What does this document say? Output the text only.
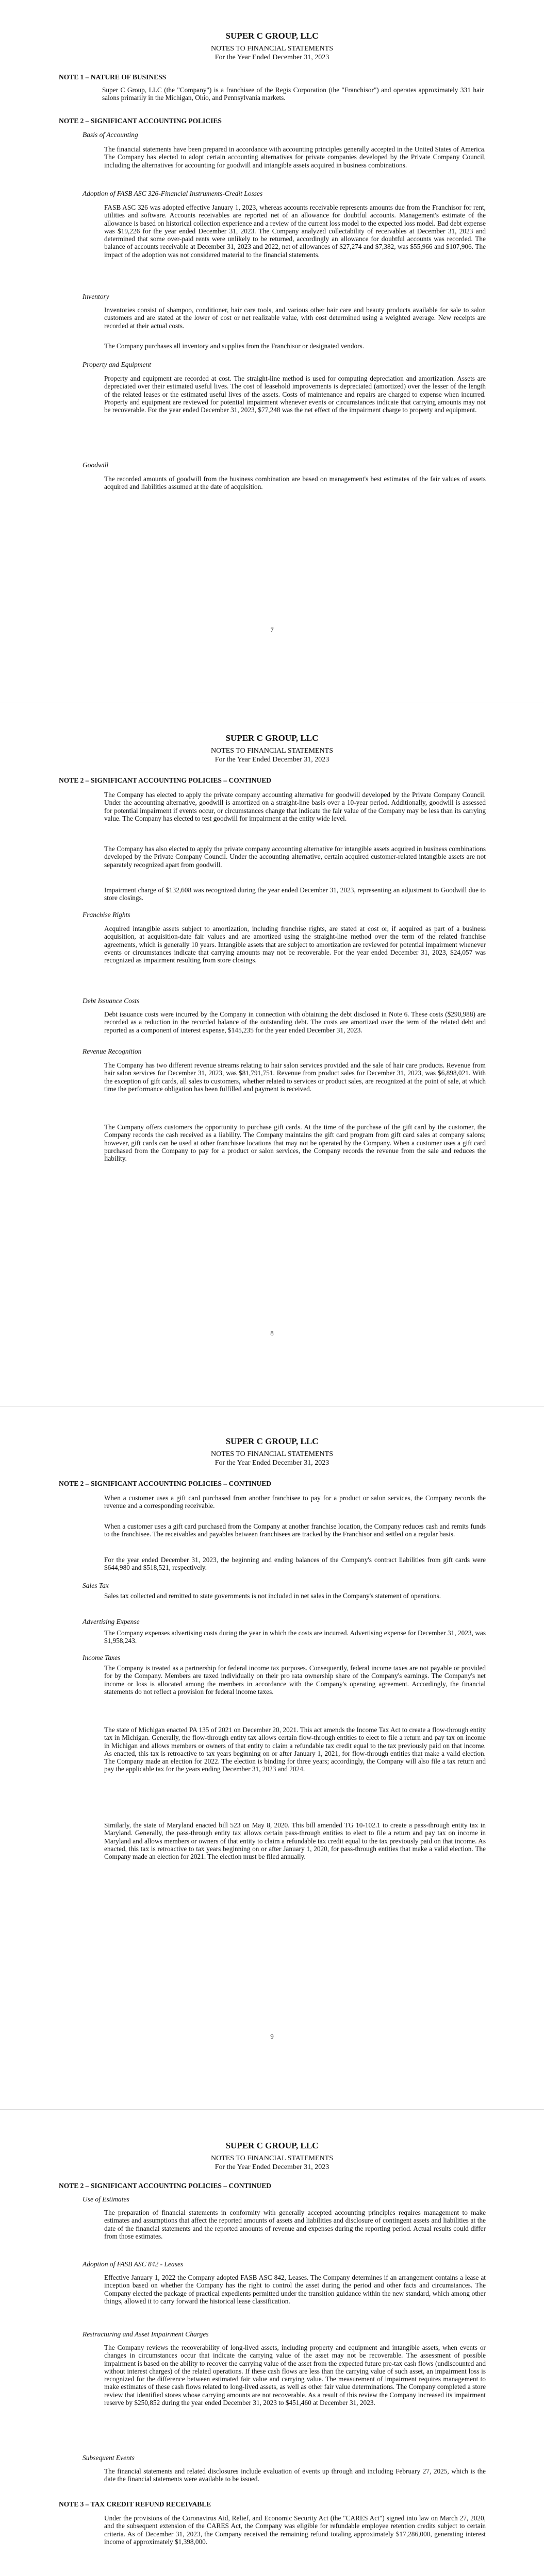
SUPER C GROUP, LLC

NOTES TO FINANCIAL STATEMENTS

For the Year Ended December 31, 2023

NOTE 1 – NATURE OF BUSINESS

Super C Group, LLC (the "Company") is a franchisee of the Regis Corporation (the "Franchisor") and operates approximately 331 hair salons primarily in the Michigan, Ohio, and Pennsylvania markets.

NOTE 2 – SIGNIFICANT ACCOUNTING POLICIES

Basis of Accounting

The financial statements have been prepared in accordance with accounting principles generally accepted in the United States of America. The Company has elected to adopt certain accounting alternatives for private companies developed by the Private Company Council, including the alternatives for accounting for goodwill and intangible assets acquired in business combinations.

Adoption of FASB ASC 326-Financial Instruments-Credit Losses

FASB ASC 326 was adopted effective January 1, 2023, whereas accounts receivable represents amounts due from the Franchisor for rent, utilities and software. Accounts receivables are reported net of an allowance for doubtful accounts. Management's estimate of the allowance is based on historical collection experience and a review of the current loss model to the expected loss model. Bad debt expense was $19,226 for the year ended December 31, 2023. The Company analyzed collectability of receivables at December 31, 2023 and determined that some over-paid rents were unlikely to be returned, accordingly an allowance for doubtful accounts was recorded. The balance of accounts receivable at December 31, 2023 and 2022, net of allowances of $27,274 and $7,382, was $55,966 and $107,906. The impact of the adoption was not considered material to the financial statements.

Inventory

Inventories consist of shampoo, conditioner, hair care tools, and various other hair care and beauty products available for sale to salon customers and are stated at the lower of cost or net realizable value, with cost determined using a weighted average. New receipts are recorded at their actual costs.

The Company purchases all inventory and supplies from the Franchisor or designated vendors.

Property and Equipment

Property and equipment are recorded at cost. The straight-line method is used for computing depreciation and amortization. Assets are depreciated over their estimated useful lives. The cost of leasehold improvements is depreciated (amortized) over the lesser of the length of the related leases or the estimated useful lives of the assets. Costs of maintenance and repairs are charged to expense when incurred. Property and equipment are reviewed for potential impairment whenever events or circumstances indicate that carrying amounts may not be recoverable. For the year ended December 31, 2023, $77,248 was the net effect of the impairment charge to property and equipment.

Goodwill

The recorded amounts of goodwill from the business combination are based on management's best estimates of the fair values of assets acquired and liabilities assumed at the date of acquisition.

7

SUPER C GROUP, LLC

NOTES TO FINANCIAL STATEMENTS

For the Year Ended December 31, 2023

NOTE 2 – SIGNIFICANT ACCOUNTING POLICIES – CONTINUED

The Company has elected to apply the private company accounting alternative for goodwill developed by the Private Company Council. Under the accounting alternative, goodwill is amortized on a straight-line basis over a 10-year period. Additionally, goodwill is assessed for potential impairment if events occur, or circumstances change that indicate the fair value of the Company may be less than its carrying value. The Company has elected to test goodwill for impairment at the entity wide level.

The Company has also elected to apply the private company accounting alternative for intangible assets acquired in business combinations developed by the Private Company Council. Under the accounting alternative, certain acquired customer-related intangible assets are not separately recognized apart from goodwill.

Impairment charge of $132,608 was recognized during the year ended December 31, 2023, representing an adjustment to Goodwill due to store closings.

Franchise Rights

Acquired intangible assets subject to amortization, including franchise rights, are stated at cost or, if acquired as part of a business acquisition, at acquisition-date fair values and are amortized using the straight-line method over the term of the related franchise agreements, which is generally 10 years. Intangible assets that are subject to amortization are reviewed for potential impairment whenever events or circumstances indicate that carrying amounts may not be recoverable. For the year ended December 31, 2023, $24,057 was recognized as impairment resulting from store closings.

Debt Issuance Costs

Debt issuance costs were incurred by the Company in connection with obtaining the debt disclosed in Note 6. These costs ($290,988) are recorded as a reduction in the recorded balance of the outstanding debt. The costs are amortized over the term of the related debt and reported as a component of interest expense, $145,235 for the year ended December 31, 2023.

Revenue Recognition

The Company has two different revenue streams relating to hair salon services provided and the sale of hair care products. Revenue from hair salon services for December 31, 2023, was $81,791,751. Revenue from product sales for December 31, 2023, was $6,898,021. With the exception of gift cards, all sales to customers, whether related to services or product sales, are recognized at the point of sale, at which time the performance obligation has been fulfilled and payment is received.

The Company offers customers the opportunity to purchase gift cards. At the time of the purchase of the gift card by the customer, the Company records the cash received as a liability. The Company maintains the gift card program from gift card sales at company salons; however, gift cards can be used at other franchisee locations that may not be operated by the Company. When a customer uses a gift card purchased from the Company to pay for a product or salon services, the Company records the revenue from the sale and reduces the liability.

8

SUPER C GROUP, LLC

NOTES TO FINANCIAL STATEMENTS

For the Year Ended December 31, 2023

NOTE 2 – SIGNIFICANT ACCOUNTING POLICIES – CONTINUED

When a customer uses a gift card purchased from another franchisee to pay for a product or salon services, the Company records the revenue and a corresponding receivable.

When a customer uses a gift card purchased from the Company at another franchise location, the Company reduces cash and remits funds to the franchisee. The receivables and payables between franchisees are tracked by the Franchisor and settled on a regular basis.

For the year ended December 31, 2023, the beginning and ending balances of the Company's contract liabilities from gift cards were $644,980 and $518,521, respectively.

Sales Tax

Sales tax collected and remitted to state governments is not included in net sales in the Company's statement of operations.

Advertising Expense

The Company expenses advertising costs during the year in which the costs are incurred. Advertising expense for December 31, 2023, was $1,958,243.

Income Taxes

The Company is treated as a partnership for federal income tax purposes. Consequently, federal income taxes are not payable or provided for by the Company. Members are taxed individually on their pro rata ownership share of the Company's earnings. The Company's net income or loss is allocated among the members in accordance with the Company's operating agreement. Accordingly, the financial statements do not reflect a provision for federal income taxes.

The state of Michigan enacted PA 135 of 2021 on December 20, 2021. This act amends the Income Tax Act to create a flow-through entity tax in Michigan. Generally, the flow-through entity tax allows certain flow-through entities to elect to file a return and pay tax on income in Michigan and allows members or owners of that entity to claim a refundable tax credit equal to the tax previously paid on that income. As enacted, this tax is retroactive to tax years beginning on or after January 1, 2021, for flow-through entities that make a valid election. The Company made an election for 2022. The election is binding for three years; accordingly, the Company will also file a tax return and pay the applicable tax for the years ending December 31, 2023 and 2024.

Similarly, the state of Maryland enacted bill 523 on May 8, 2020. This bill amended TG 10-102.1 to create a pass-through entity tax in Maryland. Generally, the pass-through entity tax allows certain pass-through entities to elect to file a return and pay tax on income in Maryland and allows members or owners of that entity to claim a refundable tax credit equal to the tax previously paid on that income. As enacted, this tax is retroactive to tax years beginning on or after January 1, 2020, for pass-through entities that make a valid election. The Company made an election for 2021. The election must be filed annually.

9

SUPER C GROUP, LLC

NOTES TO FINANCIAL STATEMENTS

For the Year Ended December 31, 2023

NOTE 2 – SIGNIFICANT ACCOUNTING POLICIES – CONTINUED

Use of Estimates

The preparation of financial statements in conformity with generally accepted accounting principles requires management to make estimates and assumptions that affect the reported amounts of assets and liabilities and disclosure of contingent assets and liabilities at the date of the financial statements and the reported amounts of revenue and expenses during the reporting period. Actual results could differ from those estimates.

Adoption of FASB ASC 842 - Leases

Effective January 1, 2022 the Company adopted FASB ASC 842, Leases. The Company determines if an arrangement contains a lease at inception based on whether the Company has the right to control the asset during the period and other facts and circumstances. The Company elected the package of practical expedients permitted under the transition guidance within the new standard, which among other things, allowed it to carry forward the historical lease classification.

Restructuring and Asset Impairment Charges

The Company reviews the recoverability of long-lived assets, including property and equipment and intangible assets, when events or changes in circumstances occur that indicate the carrying value of the asset may not be recoverable. The assessment of possible impairment is based on the ability to recover the carrying value of the asset from the expected future pre-tax cash flows (undiscounted and without interest charges) of the related operations. If these cash flows are less than the carrying value of such asset, an impairment loss is recognized for the difference between estimated fair value and carrying value. The measurement of impairment requires management to make estimates of these cash flows related to long-lived assets, as well as other fair value determinations. The Company completed a store review that identified stores whose carrying amounts are not recoverable. As a result of this review the Company increased its impairment reserve by $250,852 during the year ended December 31, 2023 to $451,460 at December 31, 2023.

Subsequent Events

The financial statements and related disclosures include evaluation of events up through and including February 27, 2025, which is the date the financial statements were available to be issued.

NOTE 3 – TAX CREDIT REFUND RECEIVABLE

Under the provisions of the Coronavirus Aid, Relief, and Economic Security Act (the "CARES Act") signed into law on March 27, 2020, and the subsequent extension of the CARES Act, the Company was eligible for refundable employee retention credits subject to certain criteria. As of December 31, 2023, the Company received the remaining refund totaling approximately $17,286,000, generating interest income of approximately $1,398,000.
